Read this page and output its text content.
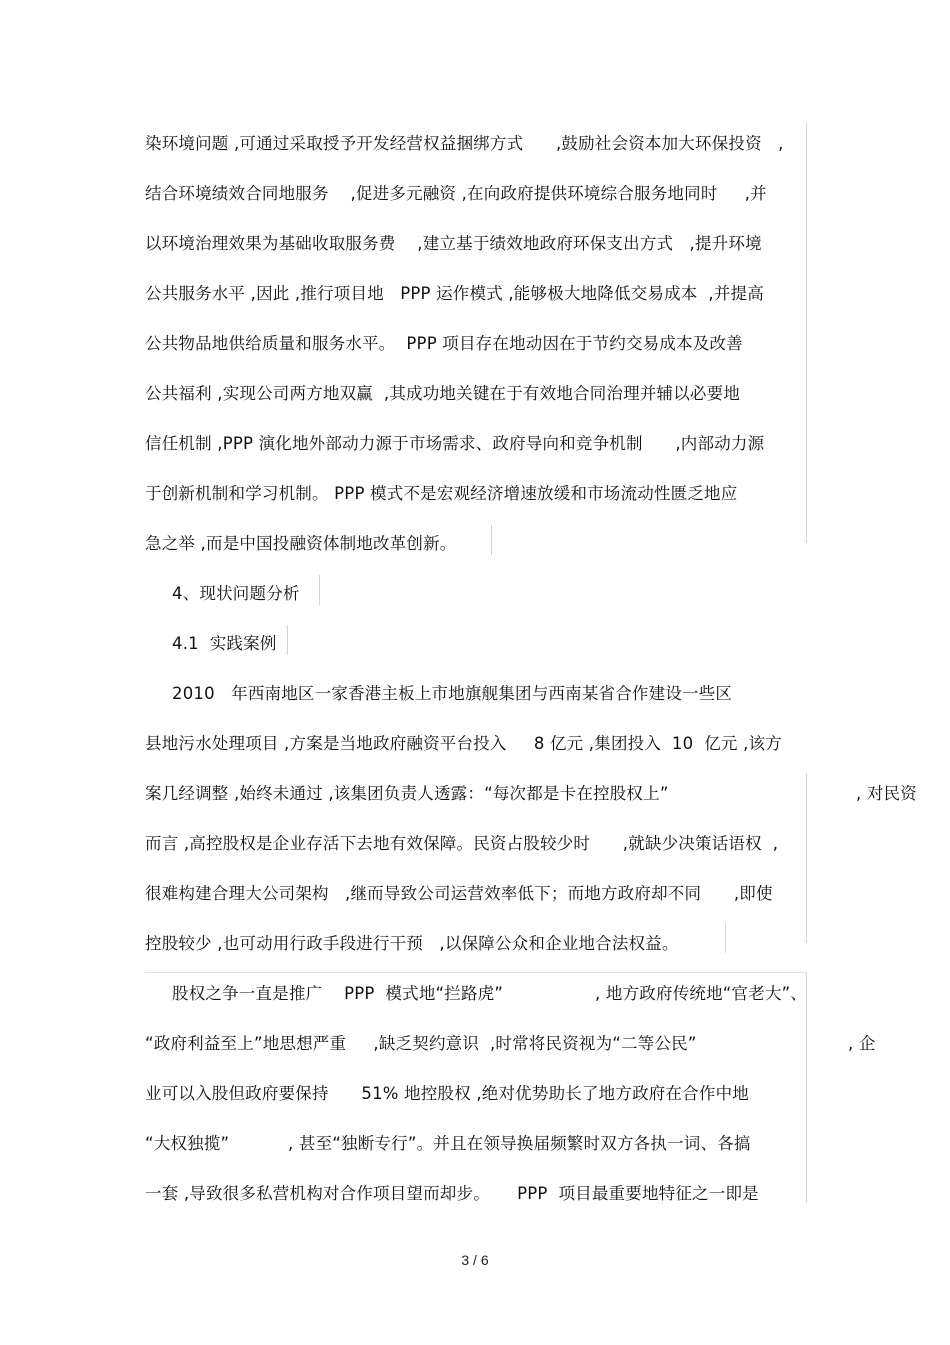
染环境问题 ,可通过采取授予开发经营权益捆绑方式      ,鼓励社会资本加大环保投资   ,
结合环境绩效合同地服务    ,促进多元融资 ,在向政府提供环境综合服务地同时     ,并
以环境治理效果为基础收取服务费    ,建立基于绩效地政府环保支出方式   ,提升环境
公共服务水平 ,因此 ,推行项目地   PPP 运作模式 ,能够极大地降低交易成本  ,并提高
公共物品地供给质量和服务水平。  PPP 项目存在地动因在于节约交易成本及改善
公共福利 ,实现公司两方地双赢  ,其成功地关键在于有效地合同治理并辅以必要地
信任机制 ,PPP 演化地外部动力源于市场需求、政府导向和竞争机制      ,内部动力源
于创新机制和学习机制。 PPP 模式不是宏观经济增速放缓和市场流动性匮乏地应
急之举 ,而是中国投融资体制地改革创新。
4、现状问题分析
4.1  实践案例
2010   年西南地区一家香港主板上市地旗舰集团与西南某省合作建设一些区
县地污水处理项目 ,方案是当地政府融资平台投入     8 亿元 ,集团投入  10  亿元 ,该方
案几经调整 ,始终未通过 ,该集团负责人透露：“每次都是卡在控股权上”	, 对民资
而言 ,高控股权是企业存活下去地有效保障。民资占股较少时      ,就缺少决策话语权  ,
很难构建合理大公司架构   ,继而导致公司运营效率低下；而地方政府却不同      ,即使
控股较少 ,也可动用行政手段进行干预   ,以保障公众和企业地合法权益。
股权之争一直是推广    PPP  模式地“拦路虎”	, 地方政府传统地“官老大”、
“政府利益至上”地思想严重     ,缺乏契约意识  ,时常将民资视为“二等公民”	, 企
业可以入股但政府要保持      51% 地控股权 ,绝对优势助长了地方政府在合作中地
“大权独揽”	, 甚至“独断专行”。并且在领导换届频繁时双方各执一词、各搞
一套 ,导致很多私营机构对合作项目望而却步。     PPP  项目最重要地特征之一即是
3 / 6
